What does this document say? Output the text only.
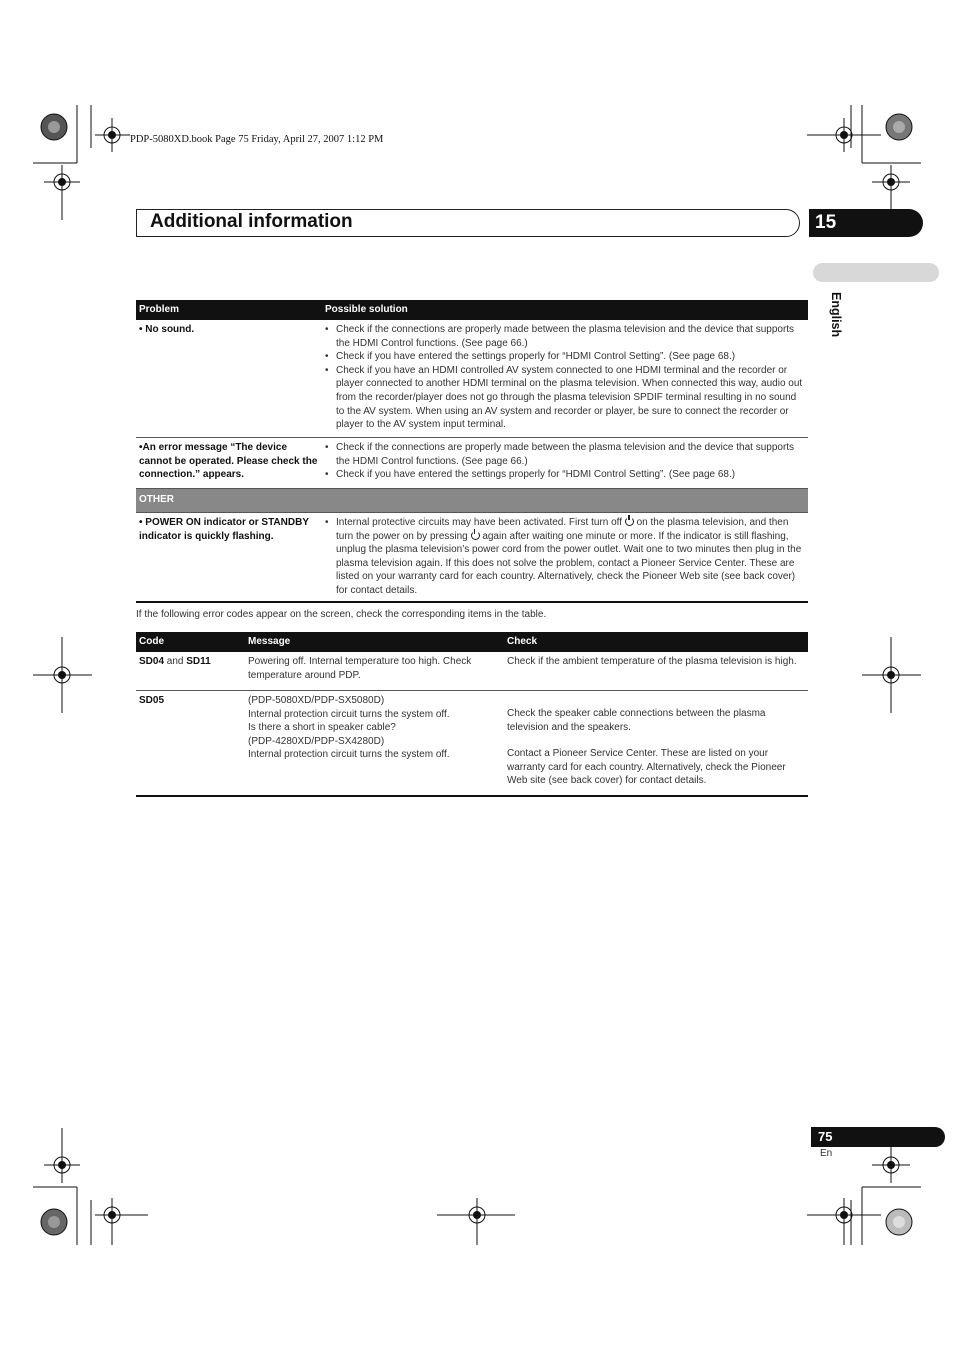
PDP-5080XD.book Page 75 Friday, April 27, 2007 1:12 PM
Additional information	15
English
Problem	Possible solution
• No sound.
•	Check if the connections are properly made between the plasma television and the device that supports the HDMI Control functions. (See page 66.)
• Check if you have entered the settings properly for “HDMI Control Setting”. (See page 68.)
• Check if you have an HDMI controlled AV system connected to one HDMI terminal and the recorder or player connected to another HDMI terminal on the plasma television. When connected this way, audio out from the recorder/player does not go through the plasma television SPDIF terminal resulting in no sound to the AV system. When using an AV system and recorder or player, be sure to connect the recorder or player to the AV system input terminal.
•An error message “The device cannot be operated. Please check the connection.” appears.
• Check if the connections are properly made between the plasma television and the device that supports the HDMI Control functions. (See page 66.)
• Check if you have entered the settings properly for “HDMI Control Setting”. (See page 68.)
OTHER
• POWER ON indicator or STANDBY indicator is quickly flashing.
• Internal protective circuits may have been activated. First turn off on the plasma television, and then turn the power on by pressing again after waiting one minute or more. If the indicator is still flashing, unplug the plasma television’s power cord from the power outlet. Wait one to two minutes then plug in the plasma television again. If this does not solve the problem, contact a Pioneer Service Center. These are listed on your warranty card for each country. Alternatively, check the Pioneer Web site (see back cover) for contact details.
If the following error codes appear on the screen, check the corresponding items in the table.
Code	Message	Check
SD04 and SD11	Powering off. Internal temperature too high. Check temperature around PDP.
Check if the ambient temperature of the plasma television is high.
SD05	(PDP-5080XD/PDP-SX5080D)
Internal protection circuit turns the system off.
Is there a short in speaker cable?
(PDP-4280XD/PDP-SX4280D)
Internal protection circuit turns the system off.
Check the speaker cable connections between the plasma television and the speakers.
Contact a Pioneer Service Center. These are listed on your warranty card for each country. Alternatively, check the Pioneer Web site (see back cover) for contact details.
75
En
